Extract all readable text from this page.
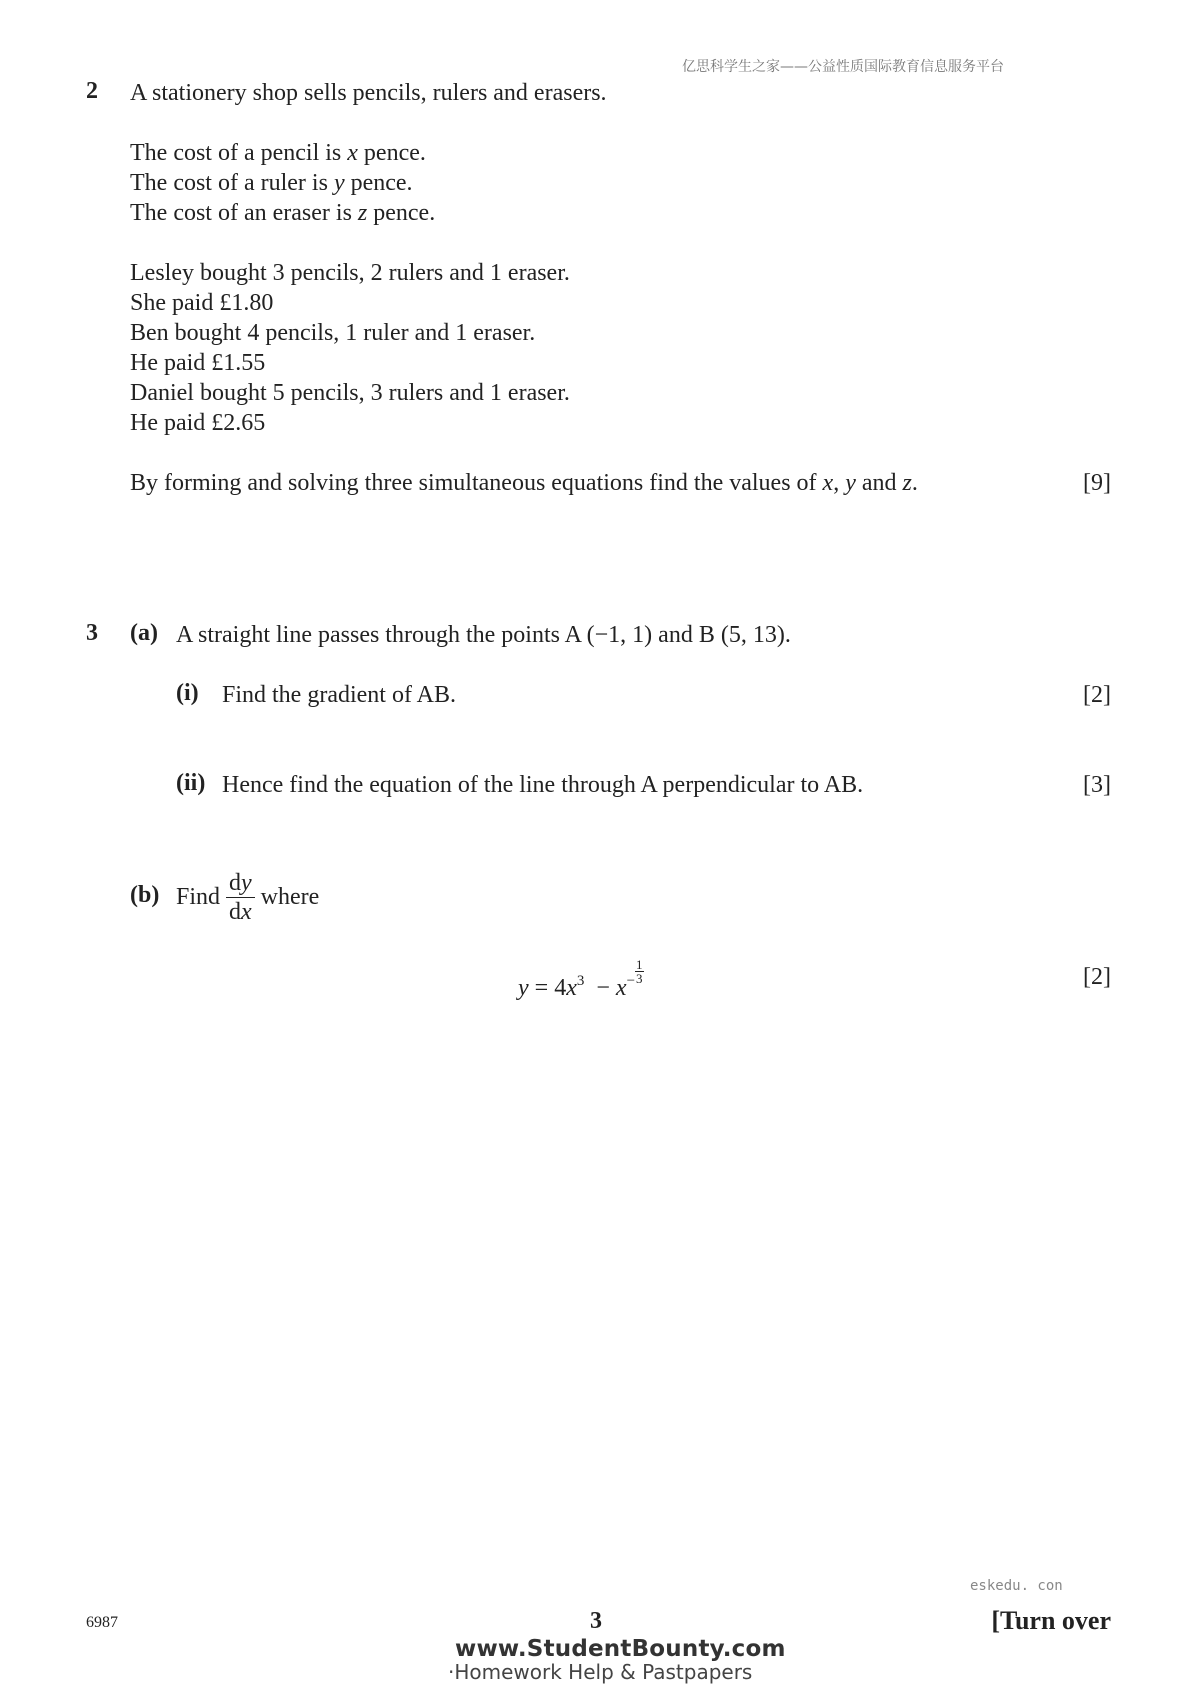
亿思科学生之家——公益性质国际教育信息服务平台
2 A stationery shop sells pencils, rulers and erasers.
The cost of a pencil is x pence.
The cost of a ruler is y pence.
The cost of an eraser is z pence.
Lesley bought 3 pencils, 2 rulers and 1 eraser.
She paid £1.80
Ben bought 4 pencils, 1 ruler and 1 eraser.
He paid £1.55
Daniel bought 5 pencils, 3 rulers and 1 eraser.
He paid £2.65
By forming and solving three simultaneous equations find the values of x, y and z.	[9]
3 (a) A straight line passes through the points A (−1, 1) and B (5, 13).
(i) Find the gradient of AB.	[2]
(ii) Hence find the equation of the line through A perpendicular to AB.	[3]
(b) Find $\frac{dy}{dx}$ where
$y = 4x^3 - x^- \frac{1}{3}$	[2]
eskedu. con
6987	3	[Turn over
www.StudentBounty.com
·Homework Help & Pastpapers
